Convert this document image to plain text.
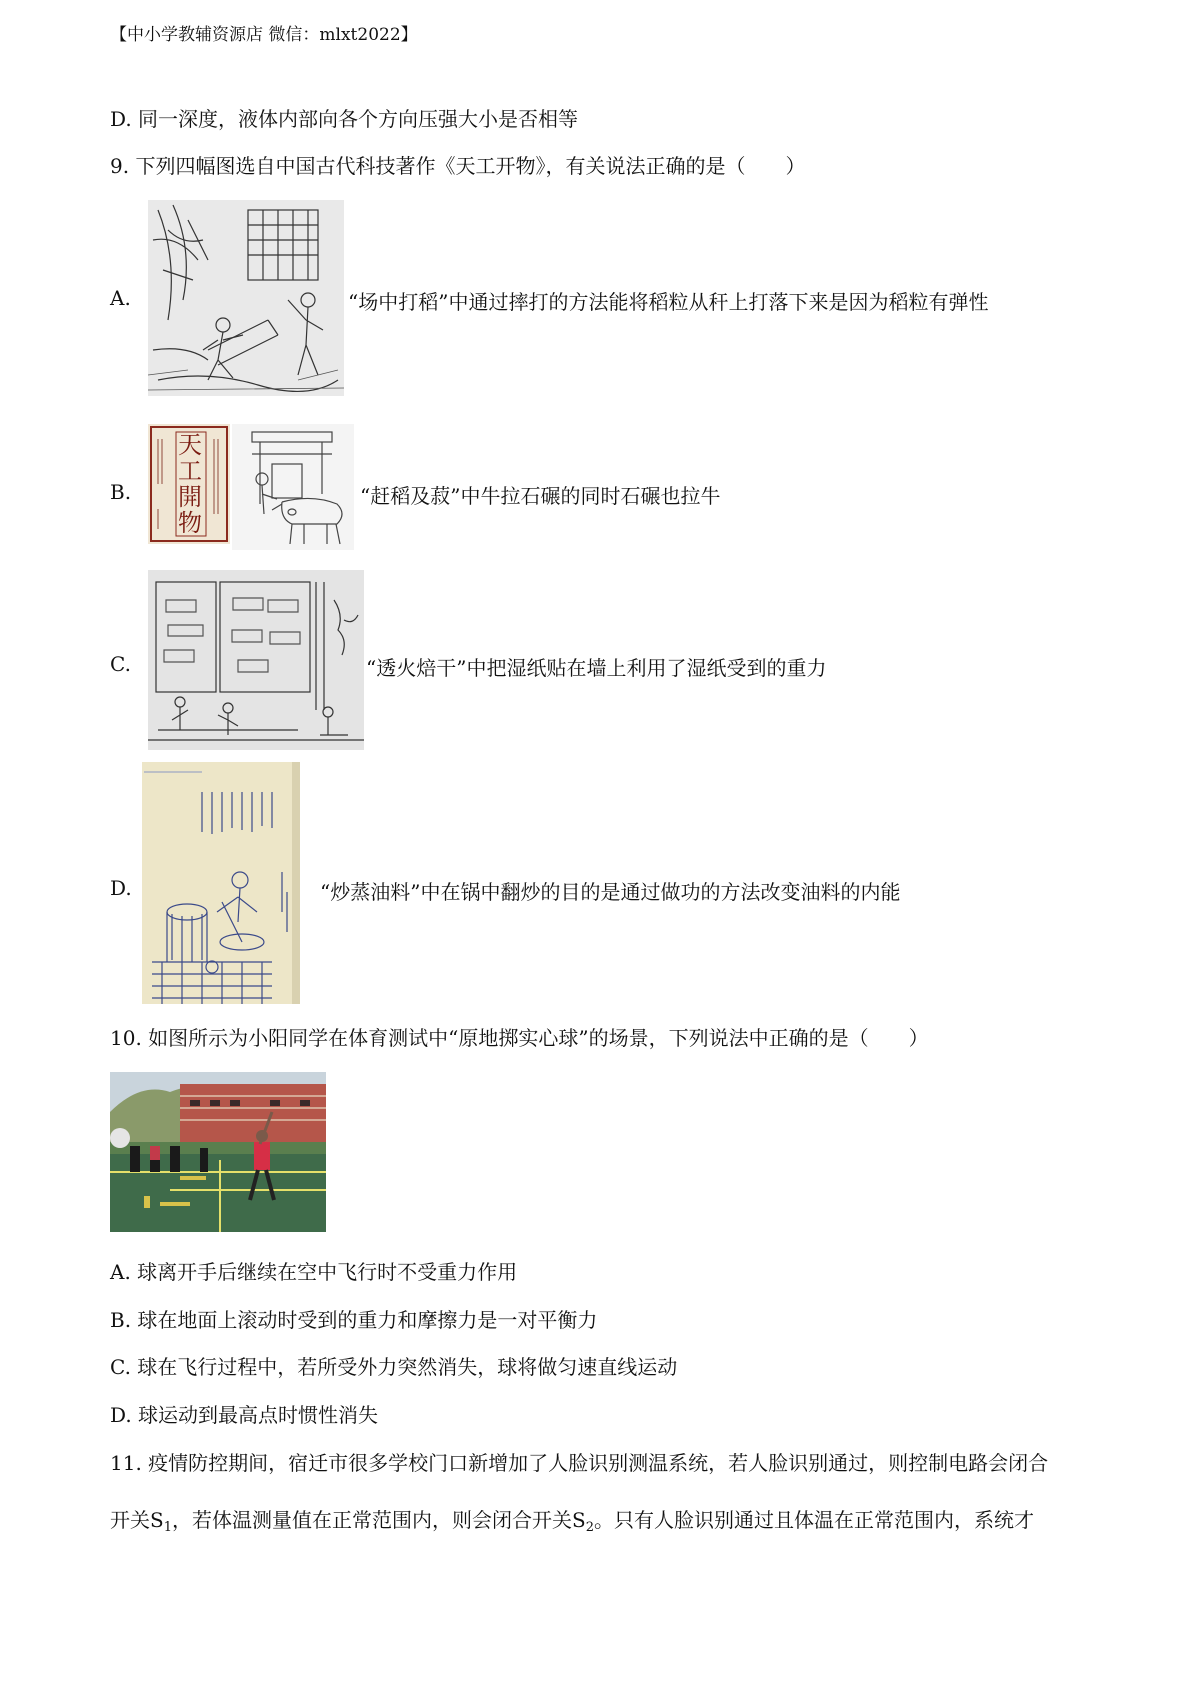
【中小学教辅资源店 微信：mlxt2022】
D. 同一深度，液体内部向各个方向压强大小是否相等
9. 下列四幅图选自中国古代科技著作《天工开物》，有关说法正确的是（　　）
A.	“场中打稻”中通过摔打的方法能将稻粒从秆上打落下来是因为稻粒有弹性
B.
天工開物
“赶稻及菽”中牛拉石碾的同时石碾也拉牛
C.	“透火焙干”中把湿纸贴在墙上利用了湿纸受到的重力
D.	“炒蒸油料”中在锅中翻炒的目的是通过做功的方法改变油料的内能
10. 如图所示为小阳同学在体育测试中“原地掷实心球”的场景，下列说法中正确的是（　　）
A. 球离开手后继续在空中飞行时不受重力作用
B. 球在地面上滚动时受到的重力和摩擦力是一对平衡力
C. 球在飞行过程中，若所受外力突然消失，球将做匀速直线运动
D. 球运动到最高点时惯性消失
11. 疫情防控期间，宿迁市很多学校门口新增加了人脸识别测温系统，若人脸识别通过，则控制电路会闭合
开关$S_1$，若体温测量值在正常范围内，则会闭合开关$S_2$。只有人脸识别通过且体温在正常范围内，系统才
